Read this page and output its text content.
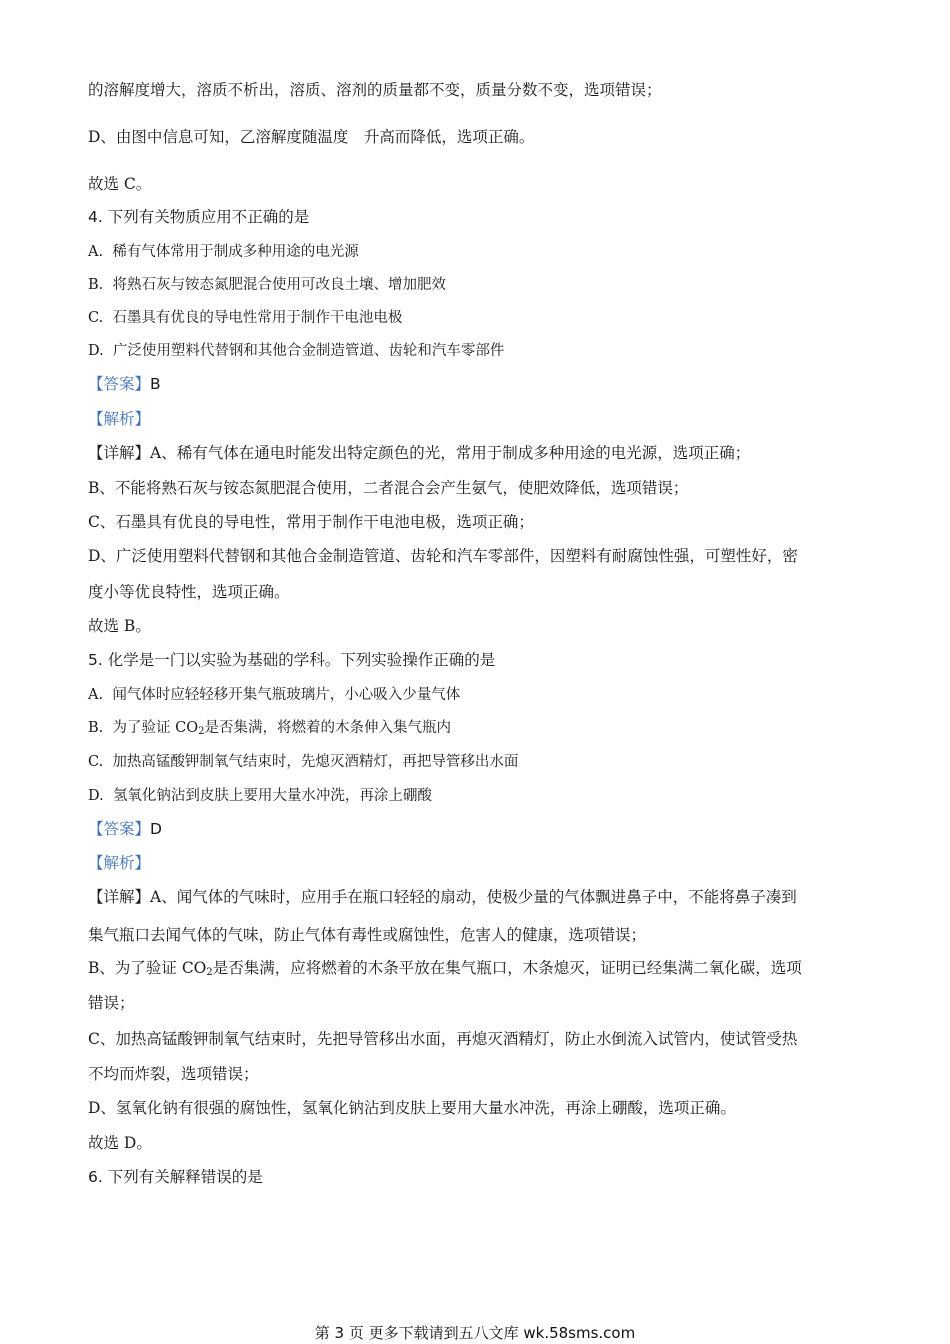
的溶解度增大，溶质不析出，溶质、溶剂的质量都不变，质量分数不变，选项错误；
D、由图中信息可知，乙溶解度随温度　升高而降低，选项正确。
故选 C。
4. 下列有关物质应用不正确的是
A. 稀有气体常用于制成多种用途的电光源
B. 将熟石灰与铵态氮肥混合使用可改良土壤、增加肥效
C. 石墨具有优良的导电性常用于制作干电池电极
D. 广泛使用塑料代替钢和其他合金制造管道、齿轮和汽车零部件
【答案】B
【解析】
【详解】A、稀有气体在通电时能发出特定颜色的光，常用于制成多种用途的电光源，选项正确；
B、不能将熟石灰与铵态氮肥混合使用，二者混合会产生氨气，使肥效降低，选项错误；
C、石墨具有优良的导电性，常用于制作干电池电极，选项正确；
D、广泛使用塑料代替钢和其他合金制造管道、齿轮和汽车零部件，因塑料有耐腐蚀性强，可塑性好，密
度小等优良特性，选项正确。
故选 B。
5. 化学是一门以实验为基础的学科。下列实验操作正确的是
A. 闻气体时应轻轻移开集气瓶玻璃片，小心吸入少量气体
B. 为了验证 $CO_2$是否集满，将燃着的木条伸入集气瓶内
C. 加热高锰酸钾制氧气结束时，先熄灭酒精灯，再把导管移出水面
D. 氢氧化钠沾到皮肤上要用大量水冲洗，再涂上硼酸
【答案】D
【解析】
【详解】A、闻气体的气味时，应用手在瓶口轻轻的扇动，使极少量的气体飘进鼻子中，不能将鼻子凑到
集气瓶口去闻气体的气味，防止气体有毒性或腐蚀性，危害人的健康，选项错误；
B、为了验证 $CO_2$是否集满，应将燃着的木条平放在集气瓶口，木条熄灭，证明已经集满二氧化碳，选项
错误；
C、加热高锰酸钾制氧气结束时，先把导管移出水面，再熄灭酒精灯，防止水倒流入试管内，使试管受热
不均而炸裂，选项错误；
D、氢氧化钠有很强的腐蚀性，氢氧化钠沾到皮肤上要用大量水冲洗，再涂上硼酸，选项正确。
故选 D。
6. 下列有关解释错误的是
第 3 页 更多下载请到五八文库 wk.58sms.com
